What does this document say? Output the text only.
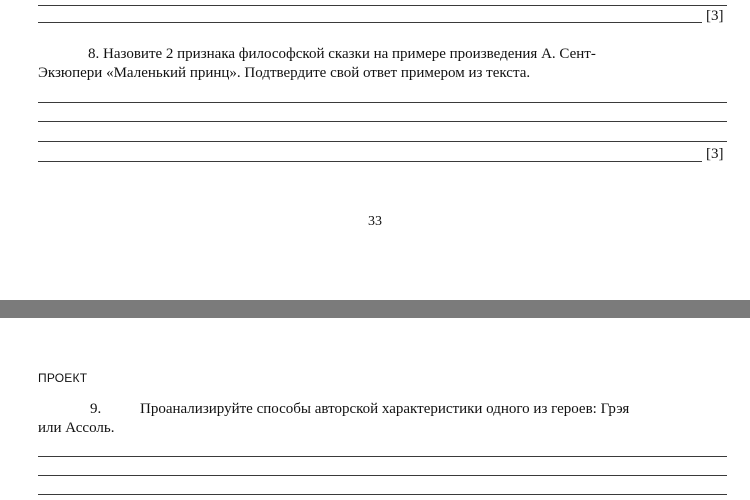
[3]

8. Назовите 2 признака философской сказки на примере произведения А. Сент-

Экзюпери «Маленький принц». Подтвердите свой ответ примером из текста.

[3]
33
ПРОЕКТ

9.	Проанализируйте способы авторской характеристики одного из героев: Грэя

или Ассоль.
